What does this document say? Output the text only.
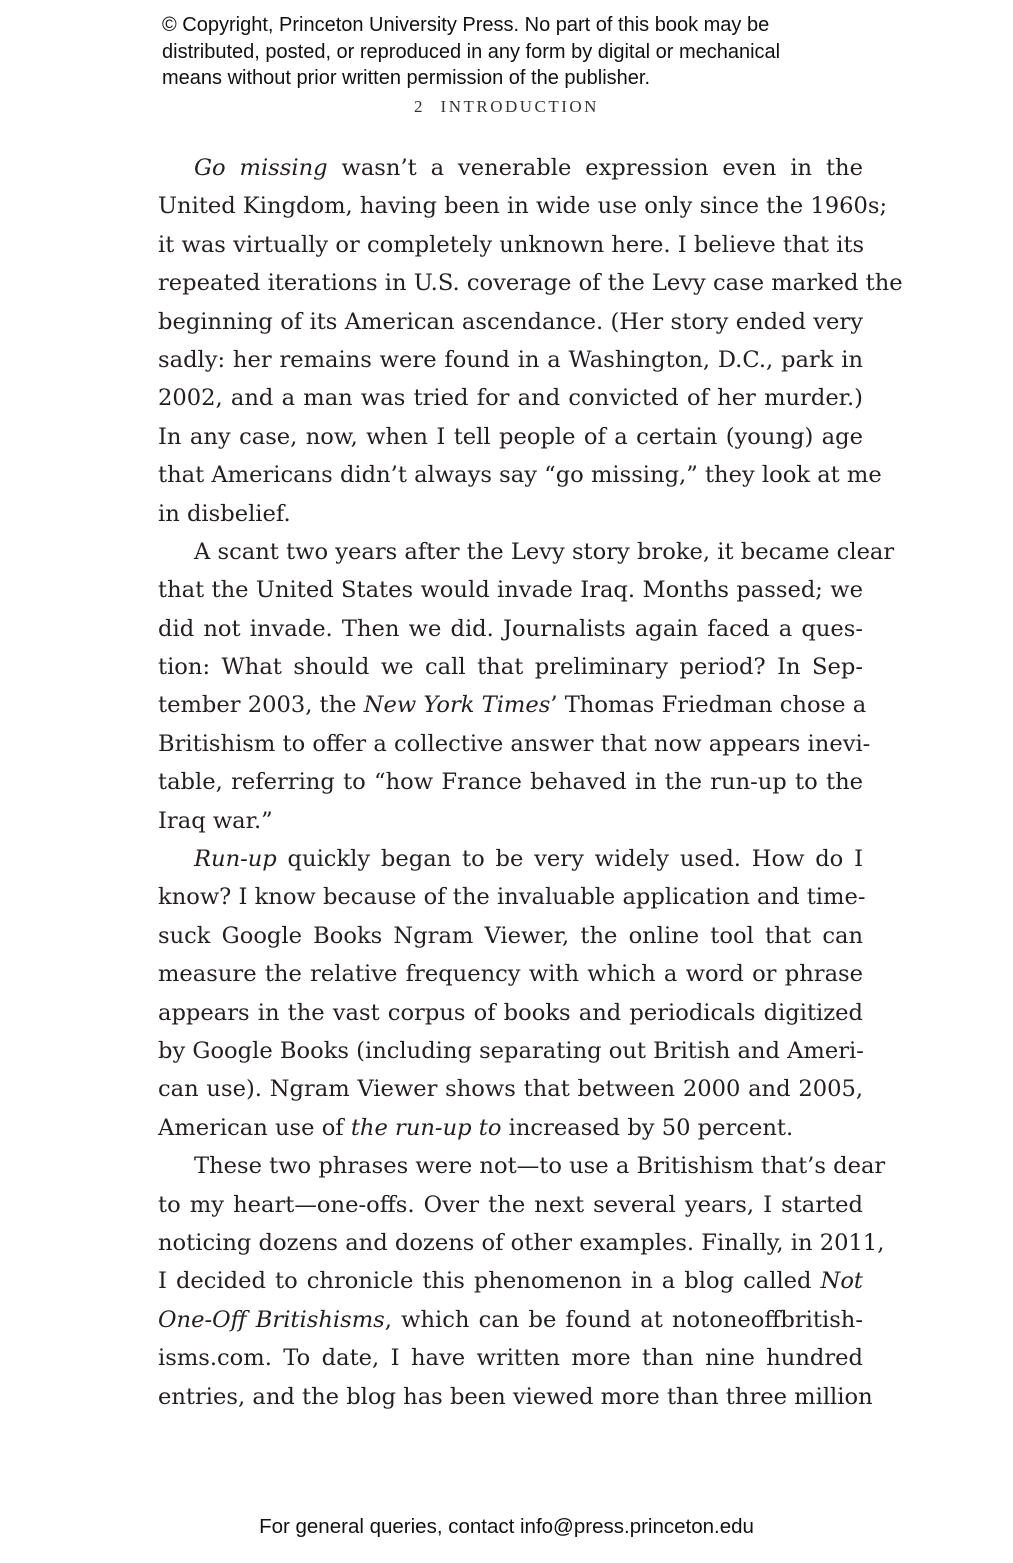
© Copyright, Princeton University Press. No part of this book may be
distributed, posted, or reproduced in any form by digital or mechanical
means without prior written permission of the publisher.
2 INTRODUCTION

Go missing wasn’t a venerable expression even in the
United Kingdom, having been in wide use only since the 1960s;
it was virtually or completely unknown here. I believe that its
repeated iterations in U.S. coverage of the Levy case marked the
beginning of its American ascendance. (Her story ended very
sadly: her remains were found in a Washington, D.C., park in
2002, and a man was tried for and convicted of her murder.)
In any case, now, when I tell people of a certain (young) age
that Americans didn’t always say “go missing,” they look at me
in disbelief.

A scant two years after the Levy story broke, it became clear
that the United States would invade Iraq. Months passed; we
did not invade. Then we did. Journalists again faced a ques-
tion: What should we call that preliminary period? In Sep-
tember 2003, the New York Times’ Thomas Friedman chose a
Britishism to offer a collective answer that now appears inevi-
table, referring to “how France behaved in the run-up to the
Iraq war.”

Run-up quickly began to be very widely used. How do I
know? I know because of the invaluable application and time-
suck Google Books Ngram Viewer, the online tool that can
measure the relative frequency with which a word or phrase
appears in the vast corpus of books and periodicals digitized
by Google Books (including separating out British and Ameri-
can use). Ngram Viewer shows that between 2000 and 2005,
American use of the run-up to increased by 50 percent.

These two phrases were not—to use a Britishism that’s dear
to my heart—one-offs. Over the next several years, I started
noticing dozens and dozens of other examples. Finally, in 2011,
I decided to chronicle this phenomenon in a blog called Not
One-Off Britishisms, which can be found at notoneoffbritish-
isms.com. To date, I have written more than nine hundred
entries, and the blog has been viewed more than three million

For general queries, contact info@press.princeton.edu
